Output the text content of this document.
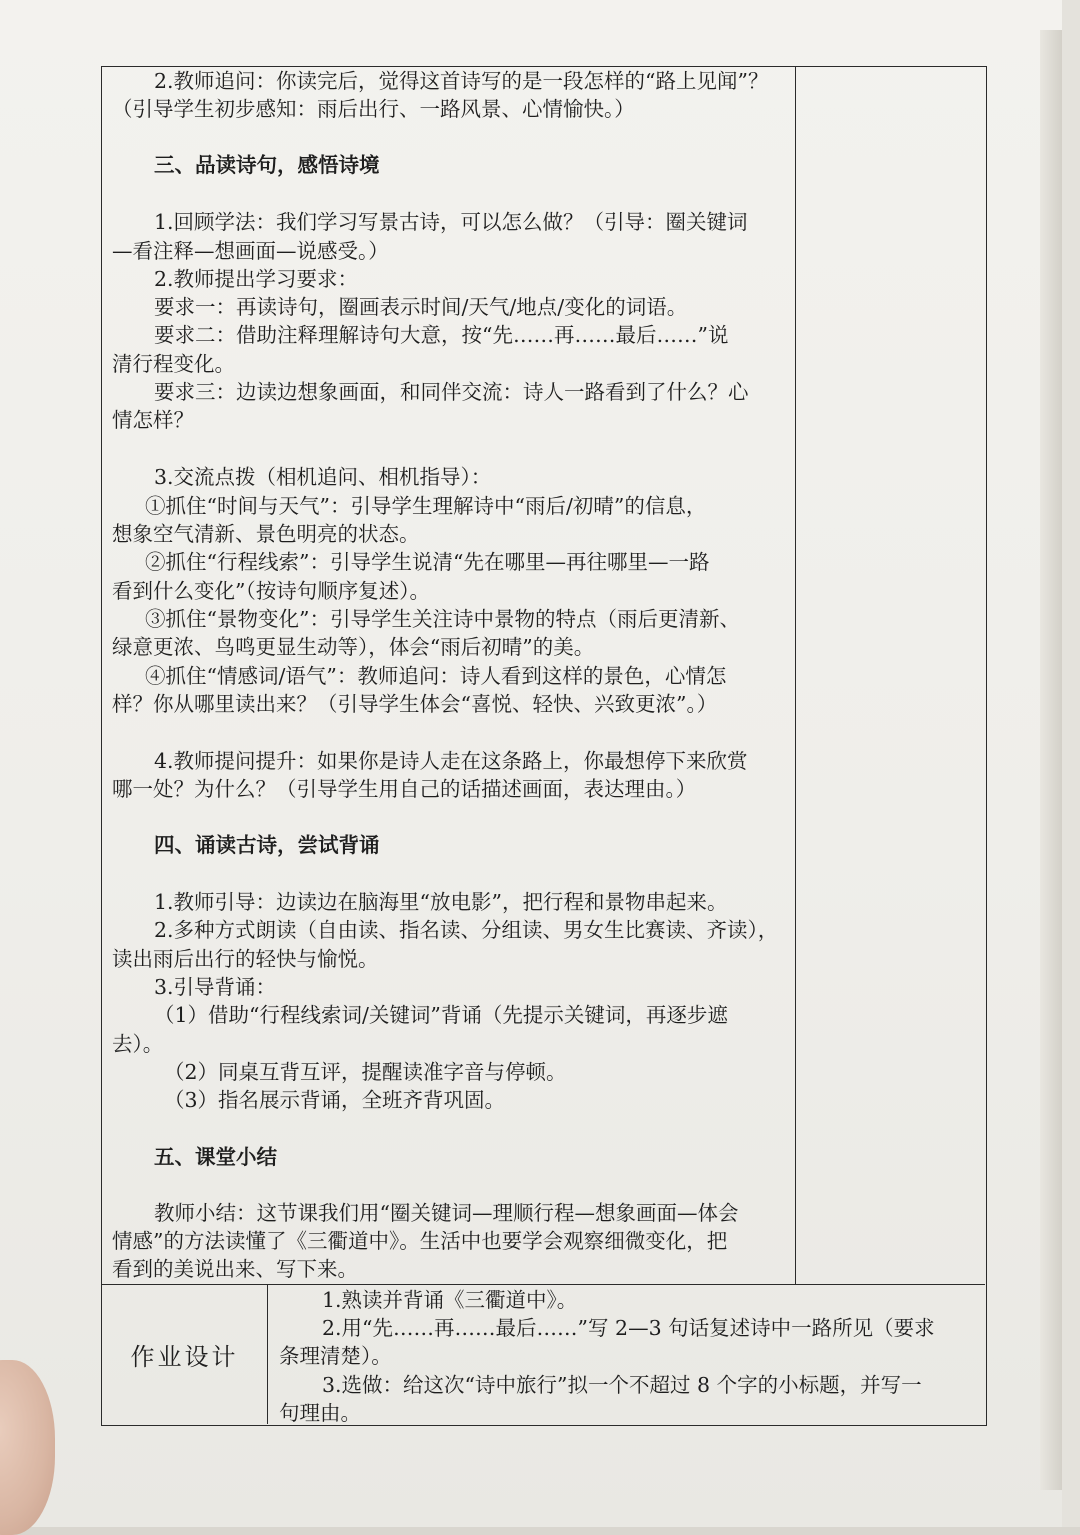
2.教师追问：你读完后，觉得这首诗写的是一段怎样的“路上见闻”？
（引导学生初步感知：雨后出行、一路风景、心情愉快。）
三、品读诗句，感悟诗境
1.回顾学法：我们学习写景古诗，可以怎么做？（引导：圈关键词
—看注释—想画面—说感受。）
2.教师提出学习要求：
要求一：再读诗句，圈画表示时间/天气/地点/变化的词语。
要求二：借助注释理解诗句大意，按“先……再……最后……”说
清行程变化。
要求三：边读边想象画面，和同伴交流：诗人一路看到了什么？心
情怎样？
3.交流点拨（相机追问、相机指导）：
①抓住“时间与天气”：引导学生理解诗中“雨后/初晴”的信息，
想象空气清新、景色明亮的状态。
②抓住“行程线索”：引导学生说清“先在哪里—再往哪里—一路
看到什么变化”（按诗句顺序复述）。
③抓住“景物变化”：引导学生关注诗中景物的特点（雨后更清新、
绿意更浓、鸟鸣更显生动等），体会“雨后初晴”的美。
④抓住“情感词/语气”：教师追问：诗人看到这样的景色，心情怎
样？你从哪里读出来？（引导学生体会“喜悦、轻快、兴致更浓”。）
4.教师提问提升：如果你是诗人走在这条路上，你最想停下来欣赏
哪一处？为什么？（引导学生用自己的话描述画面，表达理由。）
四、诵读古诗，尝试背诵
1.教师引导：边读边在脑海里“放电影”，把行程和景物串起来。
2.多种方式朗读（自由读、指名读、分组读、男女生比赛读、齐读），
读出雨后出行的轻快与愉悦。
3.引导背诵：
（1）借助“行程线索词/关键词”背诵（先提示关键词，再逐步遮
去）。
（2）同桌互背互评，提醒读准字音与停顿。
（3）指名展示背诵，全班齐背巩固。
五、课堂小结
教师小结：这节课我们用“圈关键词—理顺行程—想象画面—体会
情感”的方法读懂了《三衢道中》。生活中也要学会观察细微变化，把
看到的美说出来、写下来。
作业设计
1.熟读并背诵《三衢道中》。
2.用“先……再……最后……”写 2—3 句话复述诗中一路所见（要求
条理清楚）。
3.选做：给这次“诗中旅行”拟一个不超过 8 个字的小标题，并写一
句理由。
